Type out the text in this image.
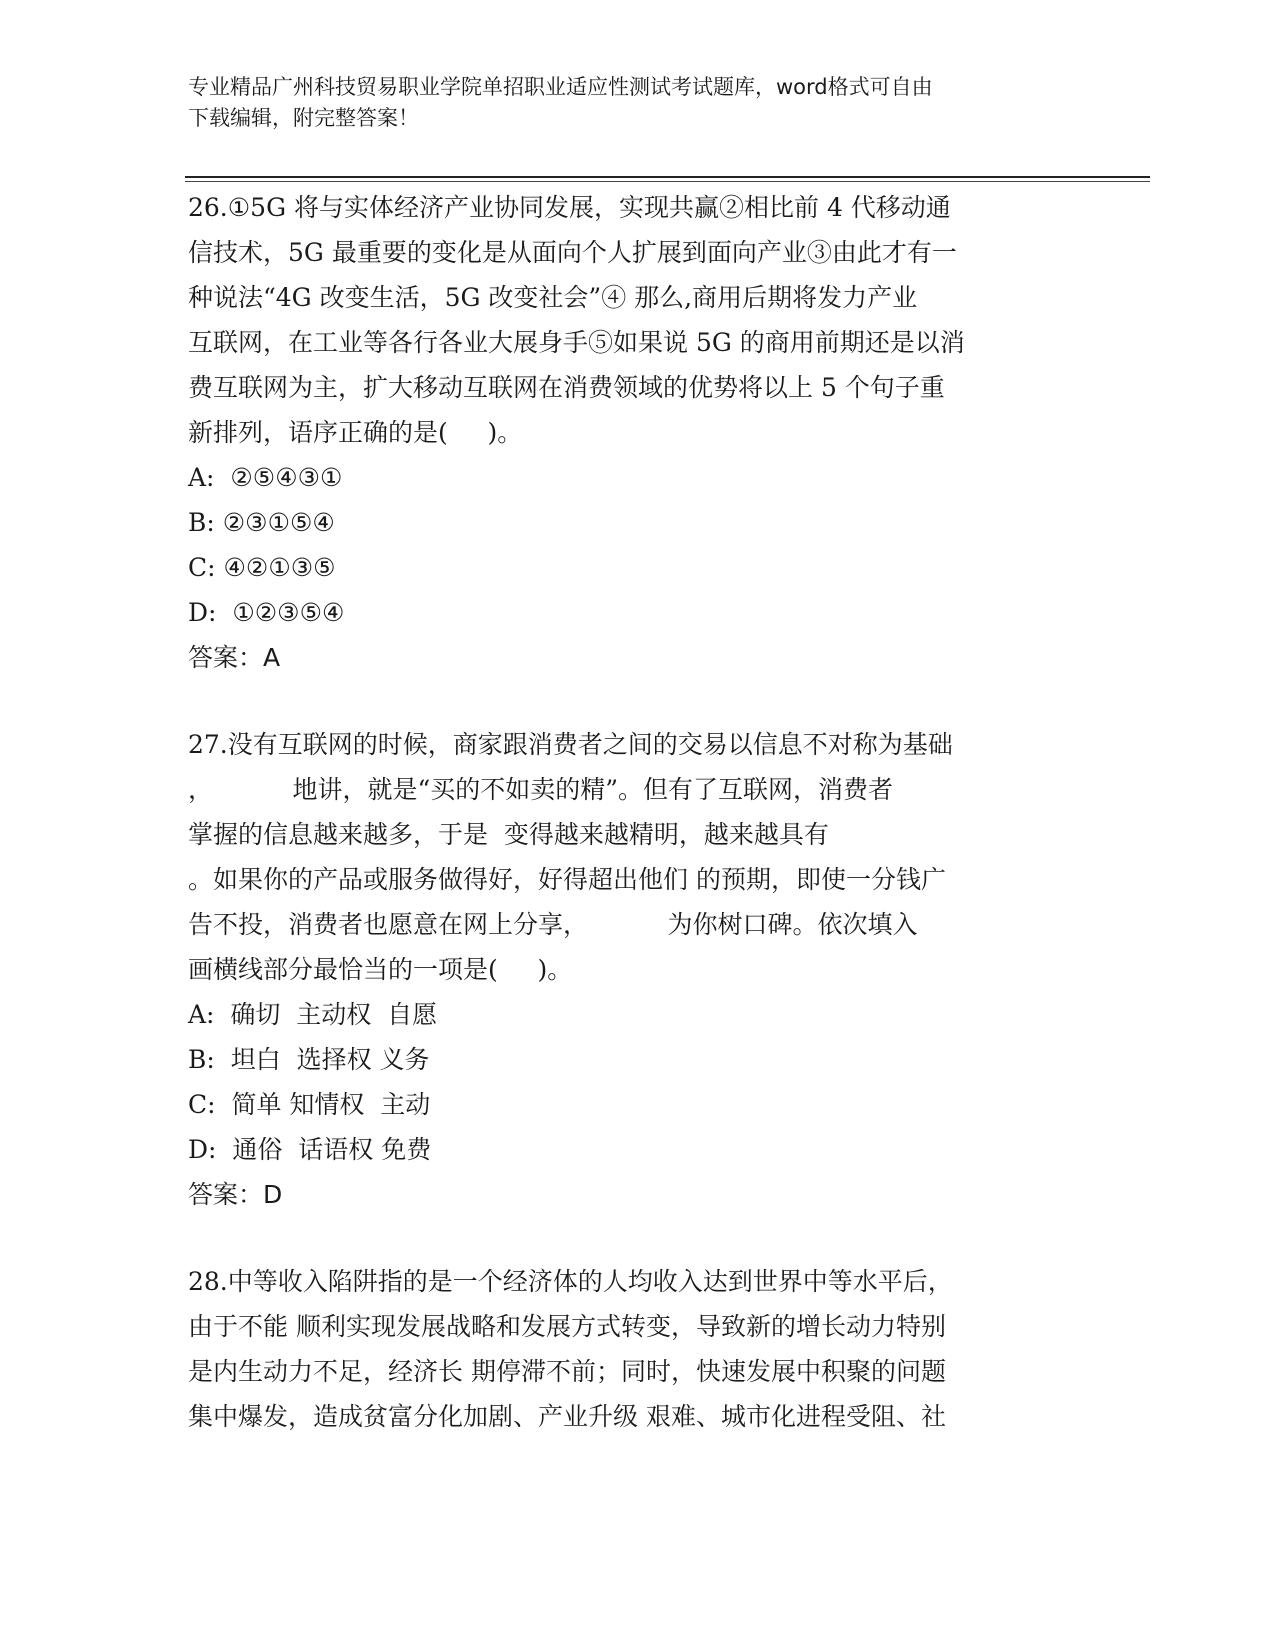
专业精品广州科技贸易职业学院单招职业适应性测试考试题库，word格式可自由
下载编辑，附完整答案！
26.①5G 将与实体经济产业协同发展，实现共赢②相比前 4 代移动通
信技术，5G 最重要的变化是从面向个人扩展到面向产业③由此才有一
种说法“4G 改变生活，5G 改变社会”④ 那么,商用后期将发力产业
互联网，在工业等各行各业大展身手⑤如果说 5G 的商用前期还是以消
费互联网为主，扩大移动互联网在消费领域的优势将以上 5 个句子重
新排列，语序正确的是(     )。
A:  ②⑤④③①
B: ②③①⑤④
C: ④②①③⑤
D:  ①②③⑤④
答案：A
27.没有互联网的时候，商家跟消费者之间的交易以信息不对称为基础
，          地讲，就是“买的不如卖的精”。但有了互联网，消费者
掌握的信息越来越多，于是  变得越来越精明，越来越具有
。如果你的产品或服务做得好，好得超出他们 的预期，即使一分钱广
告不投，消费者也愿意在网上分享，          为你树口碑。依次填入
画横线部分最恰当的一项是(     )。
A:  确切  主动权  自愿
B:  坦白  选择权 义务
C:  简单 知情权  主动
D:  通俗  话语权 免费
答案：D
28.中等收入陷阱指的是一个经济体的人均收入达到世界中等水平后，
由于不能 顺利实现发展战略和发展方式转变，导致新的增长动力特别
是内生动力不足，经济长 期停滞不前；同时，快速发展中积聚的问题
集中爆发，造成贫富分化加剧、产业升级 艰难、城市化进程受阻、社
